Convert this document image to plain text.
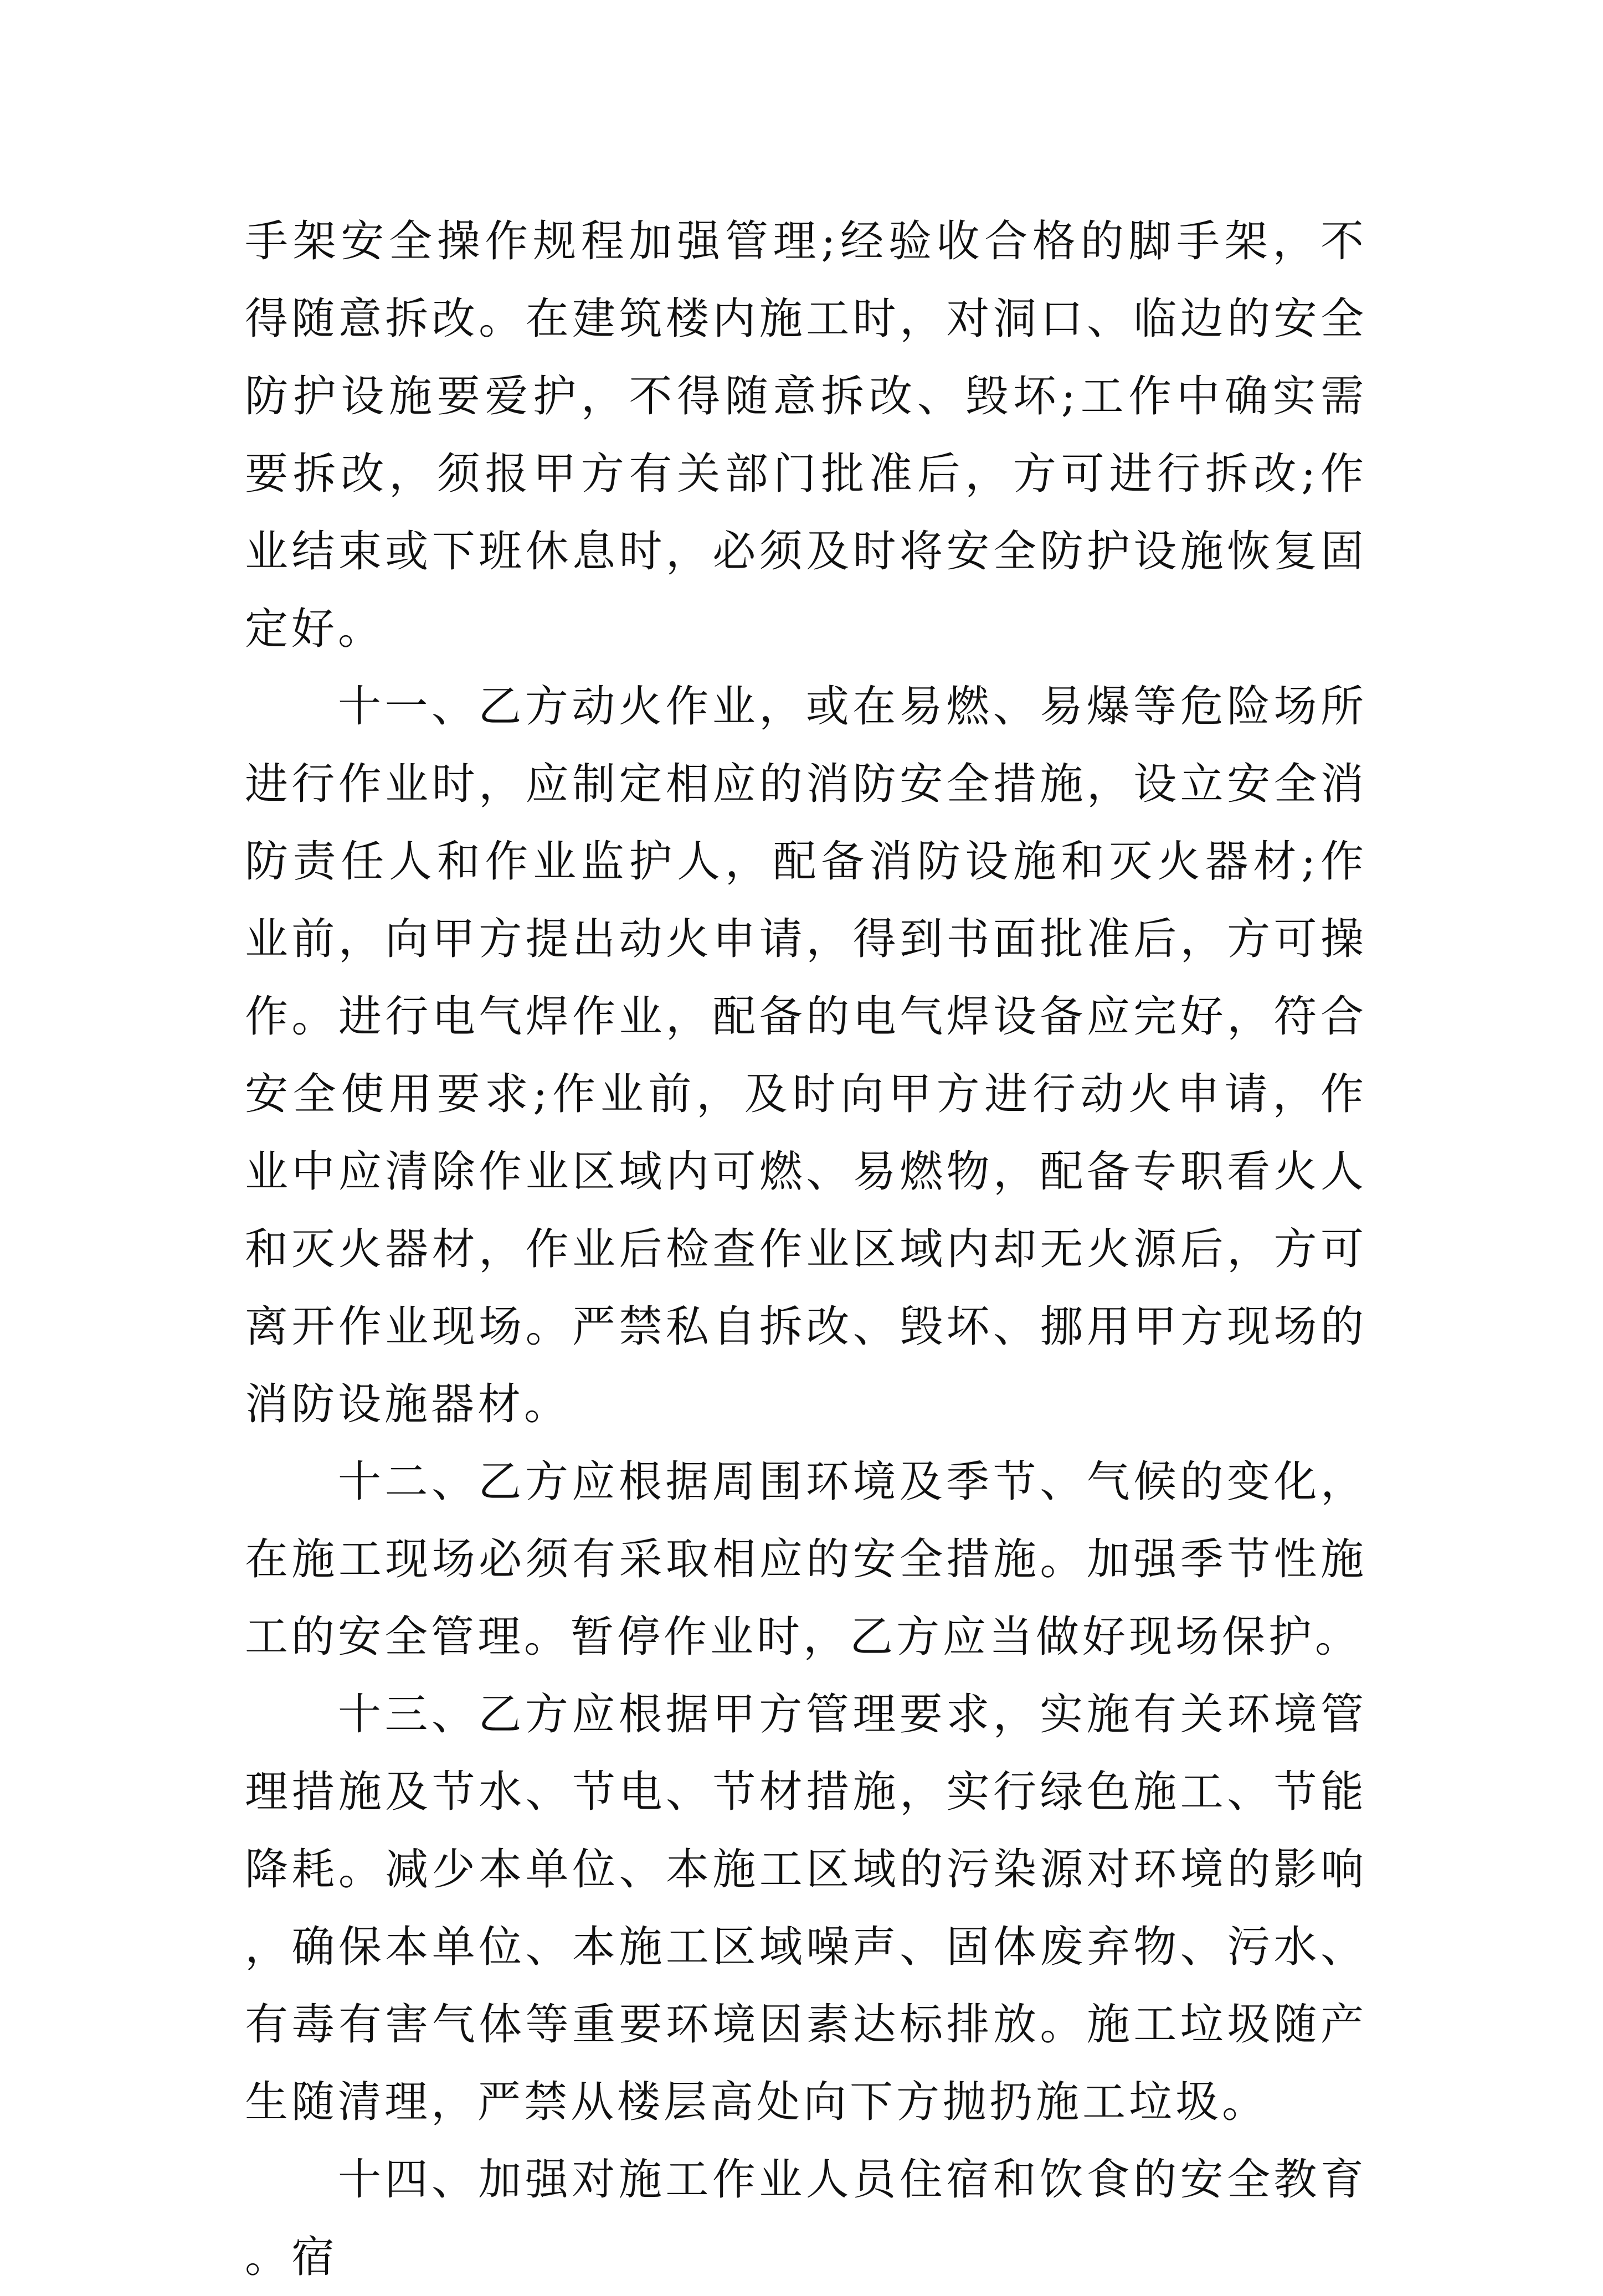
手架安全操作规程加强管理;经验收合格的脚手架，不得随意拆改。在建筑楼内施工时，对洞口、临边的安全防护设施要爱护，不得随意拆改、毁坏;工作中确实需要拆改，须报甲方有关部门批准后，方可进行拆改;作业结束或下班休息时，必须及时将安全防护设施恢复固定好。

十一、乙方动火作业，或在易燃、易爆等危险场所进行作业时，应制定相应的消防安全措施，设立安全消防责任人和作业监护人，配备消防设施和灭火器材;作业前，向甲方提出动火申请，得到书面批准后，方可操作。进行电气焊作业，配备的电气焊设备应完好，符合安全使用要求;作业前，及时向甲方进行动火申请，作业中应清除作业区域内可燃、易燃物，配备专职看火人和灭火器材，作业后检查作业区域内却无火源后，方可离开作业现场。严禁私自拆改、毁坏、挪用甲方现场的消防设施器材。

十二、乙方应根据周围环境及季节、气候的变化，在施工现场必须有采取相应的安全措施。加强季节性施工的安全管理。暂停作业时，乙方应当做好现场保护。

十三、乙方应根据甲方管理要求，实施有关环境管理措施及节水、节电、节材措施，实行绿色施工、节能降耗。减少本单位、本施工区域的污染源对环境的影响，确保本单位、本施工区域噪声、固体废弃物、污水、有毒有害气体等重要环境因素达标排放。施工垃圾随产生随清理，严禁从楼层高处向下方抛扔施工垃圾。

十四、加强对施工作业人员住宿和饮食的安全教育。宿
